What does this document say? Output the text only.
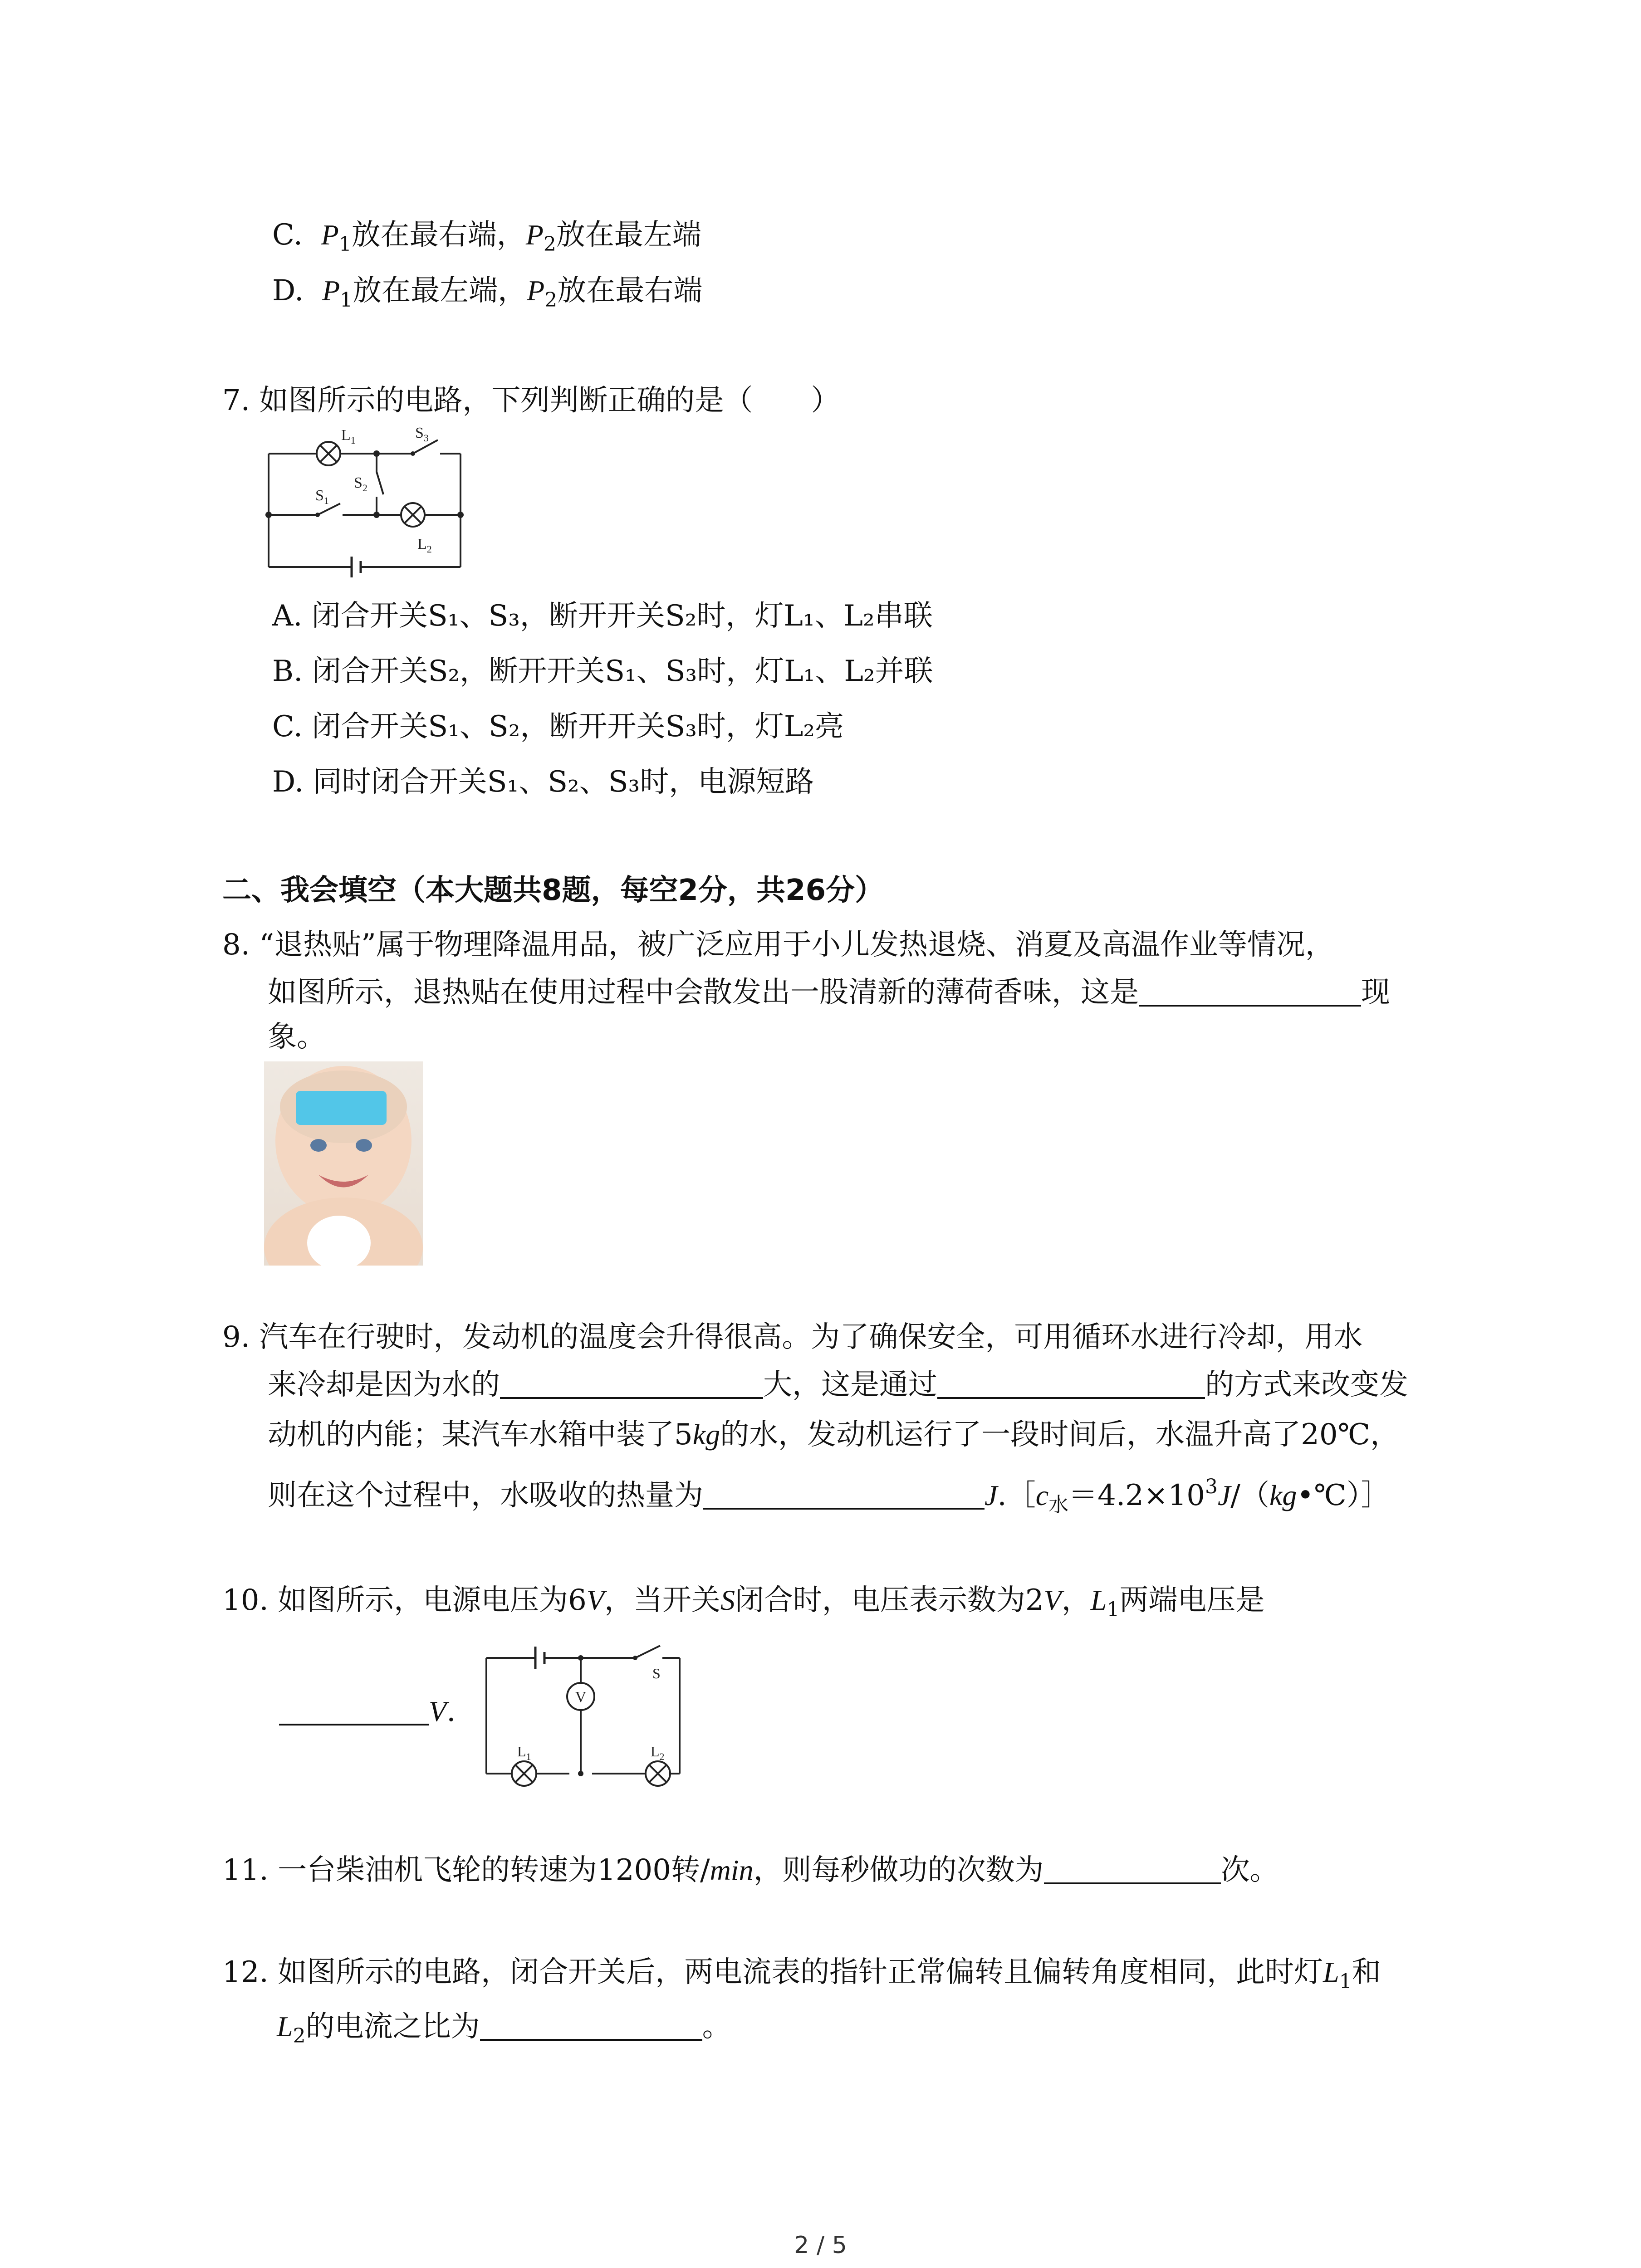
C. $P_1$放在最右端，$P_2$放在最左端
D. $P_1$放在最左端，$P_2$放在最右端
7. 如图所示的电路，下列判断正确的是（　　）
$L_1$	$S_3$
$S_2$
$S_1$
$L_2$
A. 闭合开关S₁、S₃，断开开关S₂时，灯L₁、L₂串联
B. 闭合开关S₂，断开开关S₁、S₃时，灯L₁、L₂并联
C. 闭合开关S₁、S₂，断开开关S₃时，灯L₂亮
D. 同时闭合开关S₁、S₂、S₃时，电源短路
二、我会填空（本大题共8题，每空2分，共26分）
8. “退热贴”属于物理降温用品，被广泛应用于小儿发热退烧、消夏及高温作业等情况，
如图所示，退热贴在使用过程中会散发出一股清新的薄荷香味，这是	现
象。
9. 汽车在行驶时，发动机的温度会升得很高。为了确保安全，可用循环水进行冷却，用水
来冷却是因为水的	大，这是通过	的方式来改变发
动机的内能；某汽车水箱中装了5kg的水，发动机运行了一段时间后，水温升高了20℃，
则在这个过程中，水吸收的热量为	$J.[c_水=4.2\times 10^3J/(kg•℃)]$
10. 如图所示，电源电压为6V，当开关S闭合时，电压表示数为2V，$L_1$两端电压是
V.	V
S
$L_1$	$L_2$
11. 一台柴油机飞轮的转速为1200转/min，则每秒做功的次数为	次。
12. 如图所示的电路，闭合开关后，两电流表的指针正常偏转且偏转角度相同，此时灯$L_1$和
$L_2$的电流之比为	。
2 / 5
